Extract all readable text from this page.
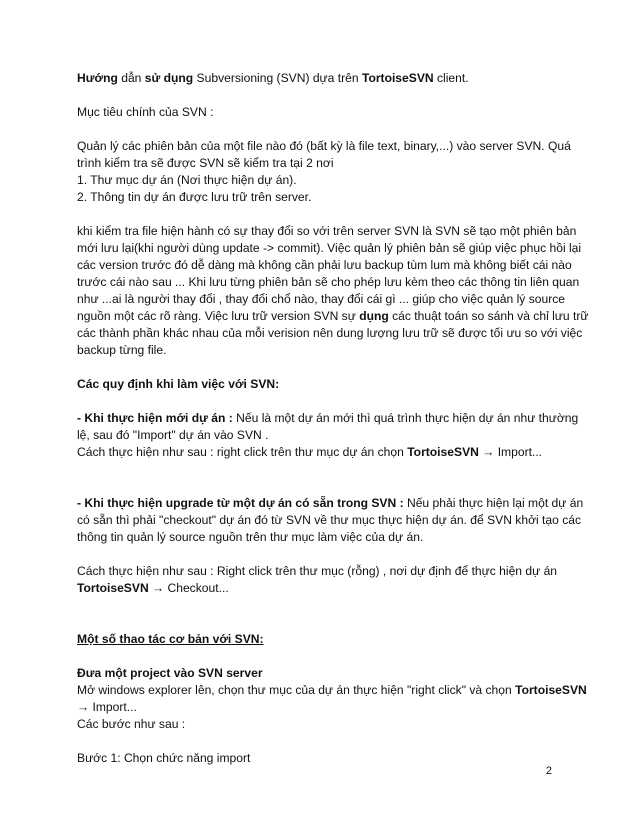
Hướng dẫn sử dụng Subversioning (SVN) dựa trên TortoiseSVN client.

Mục tiêu chính của SVN :

Quản lý các phiên bản của một file nào đó (bất kỳ là file text, binary,...) vào server SVN. Quá
trình kiểm tra sẽ được SVN sẽ kiểm tra tại 2 nơi
1. Thư mục dự án (Nơi thực hiện dự án).
2. Thông tin dự án được lưu trữ trên server.

khi kiểm tra file hiện hành có sự thay đổi so với trên server SVN là SVN sẽ tạo một phiên bản
mới lưu lại(khi người dùng update -> commit). Việc quản lý phiên bản sẽ giúp việc phục hồi lại
các version trước đó dễ dàng mà không cần phải lưu backup tùm lum mà không biết cái nào
trước cái nào sau ... Khi lưu từng phiên bản sẽ cho phép lưu kèm theo các thông tin liên quan
như ...ai là người thay đổi , thay đổi chổ nào, thay đổi cái gì ... giúp cho việc quản lý source
nguồn một các rõ ràng. Việc lưu trữ version SVN sự dụng các thuật toán so sánh và chỉ lưu trữ
các thành phần khác nhau của mỗi verision nên dung lượng lưu trữ sẽ được tối ưu so với việc
backup từng file.

Các quy định khi làm việc với SVN:

- Khi thực hiện mới dự án : Nếu là một dự án mới thì quá trình thực hiện dự án như thường
lệ, sau đó "Import" dự án vào SVN .
Cách thực hiện như sau : right click trên thư mục dự án chọn TortoiseSVN → Import...

- Khi thực hiện upgrade từ một dự án có sẵn trong SVN : Nếu phải thực hiện lại một dự án
có sẵn thì phải "checkout" dự án đó từ SVN về thư mục thực hiện dự án. để SVN khởi tạo các
thông tin quản lý source nguồn trên thư mục làm việc của dự án.

Cách thực hiện như sau : Right click trên thư mục (rỗng) , nơi dự định để thực hiện dự án
TortoiseSVN → Checkout...

Một số thao tác cơ bản với SVN:

Đưa một project vào SVN server
Mở windows explorer lên, chọn thư mục của dự án thực hiện "right click" và chọn TortoiseSVN
→ Import...
Các bước như sau :

Bước 1: Chọn chức năng import

2
